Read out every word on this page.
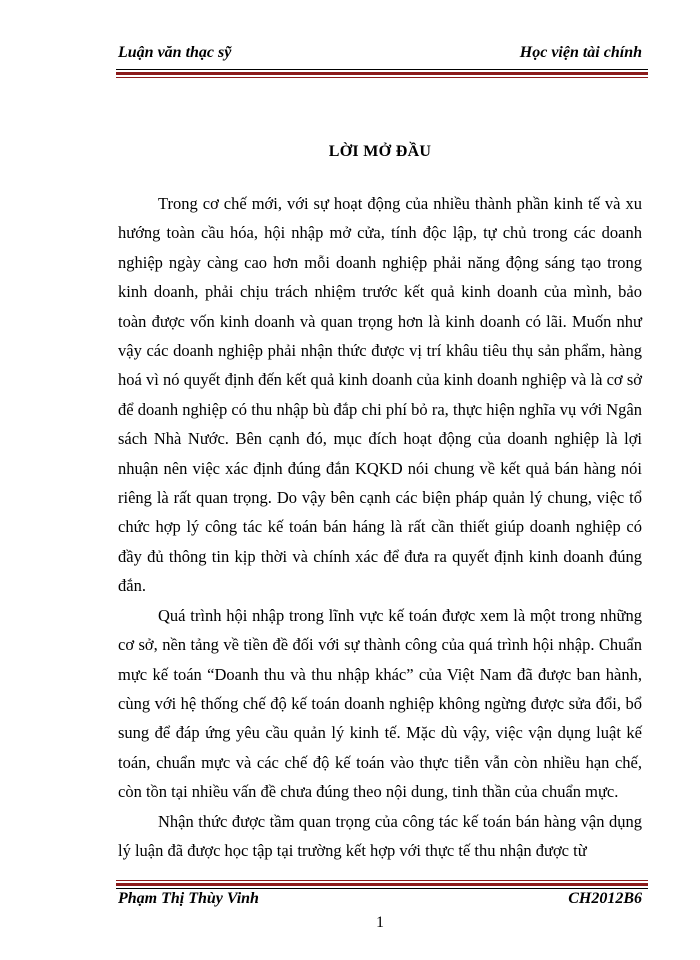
Luận văn thạc sỹ	Học viện tài chính
LỜI MỞ ĐẦU

Trong cơ chế mới, với sự hoạt động của nhiều thành phần kinh tế và xu hướng toàn cầu hóa, hội nhập mở cửa, tính độc lập, tự chủ trong các doanh nghiệp ngày càng cao hơn mỗi doanh nghiệp phải năng động sáng tạo trong kinh doanh, phải chịu trách nhiệm trước kết quả kinh doanh của mình, bảo toàn được vốn kinh doanh và quan trọng hơn là kinh doanh có lãi. Muốn như vậy các doanh nghiệp phải nhận thức được vị trí khâu tiêu thụ sản phẩm, hàng hoá vì nó quyết định đến kết quả kinh doanh của kinh doanh nghiệp và là cơ sở để doanh nghiệp có thu nhập bù đắp chi phí bỏ ra, thực hiện nghĩa vụ với Ngân sách Nhà Nước. Bên cạnh đó, mục đích hoạt động của doanh nghiệp là lợi nhuận nên việc xác định đúng đắn KQKD nói chung về kết quả bán hàng nói riêng là rất quan trọng. Do vậy bên cạnh các biện pháp quản lý chung, việc tổ chức hợp lý công tác kế toán bán háng là rất cần thiết giúp doanh nghiệp có đầy đủ thông tin kịp thời và chính xác để đưa ra quyết định kinh doanh đúng đắn.

Quá trình hội nhập trong lĩnh vực kế toán được xem là một trong những cơ sở, nền tảng về tiền đề đối với sự thành công của quá trình hội nhập. Chuẩn mực kế toán “Doanh thu và thu nhập khác” của Việt Nam đã được ban hành, cùng với hệ thống chế độ kế toán doanh nghiệp không ngừng được sửa đổi, bổ sung để đáp ứng yêu cầu quản lý kinh tế. Mặc dù vậy, việc vận dụng luật kế toán, chuẩn mực và các chế độ kế toán vào thực tiễn vẫn còn nhiều hạn chế, còn tồn tại nhiều vấn đề chưa đúng theo nội dung, tinh thần của chuẩn mực.

Nhận thức được tầm quan trọng của công tác kế toán bán hàng vận dụng lý luận đã được học tập tại trường kết hợp với thực tế thu nhận được từ

Phạm Thị Thùy Vinh	CH2012B6
1
